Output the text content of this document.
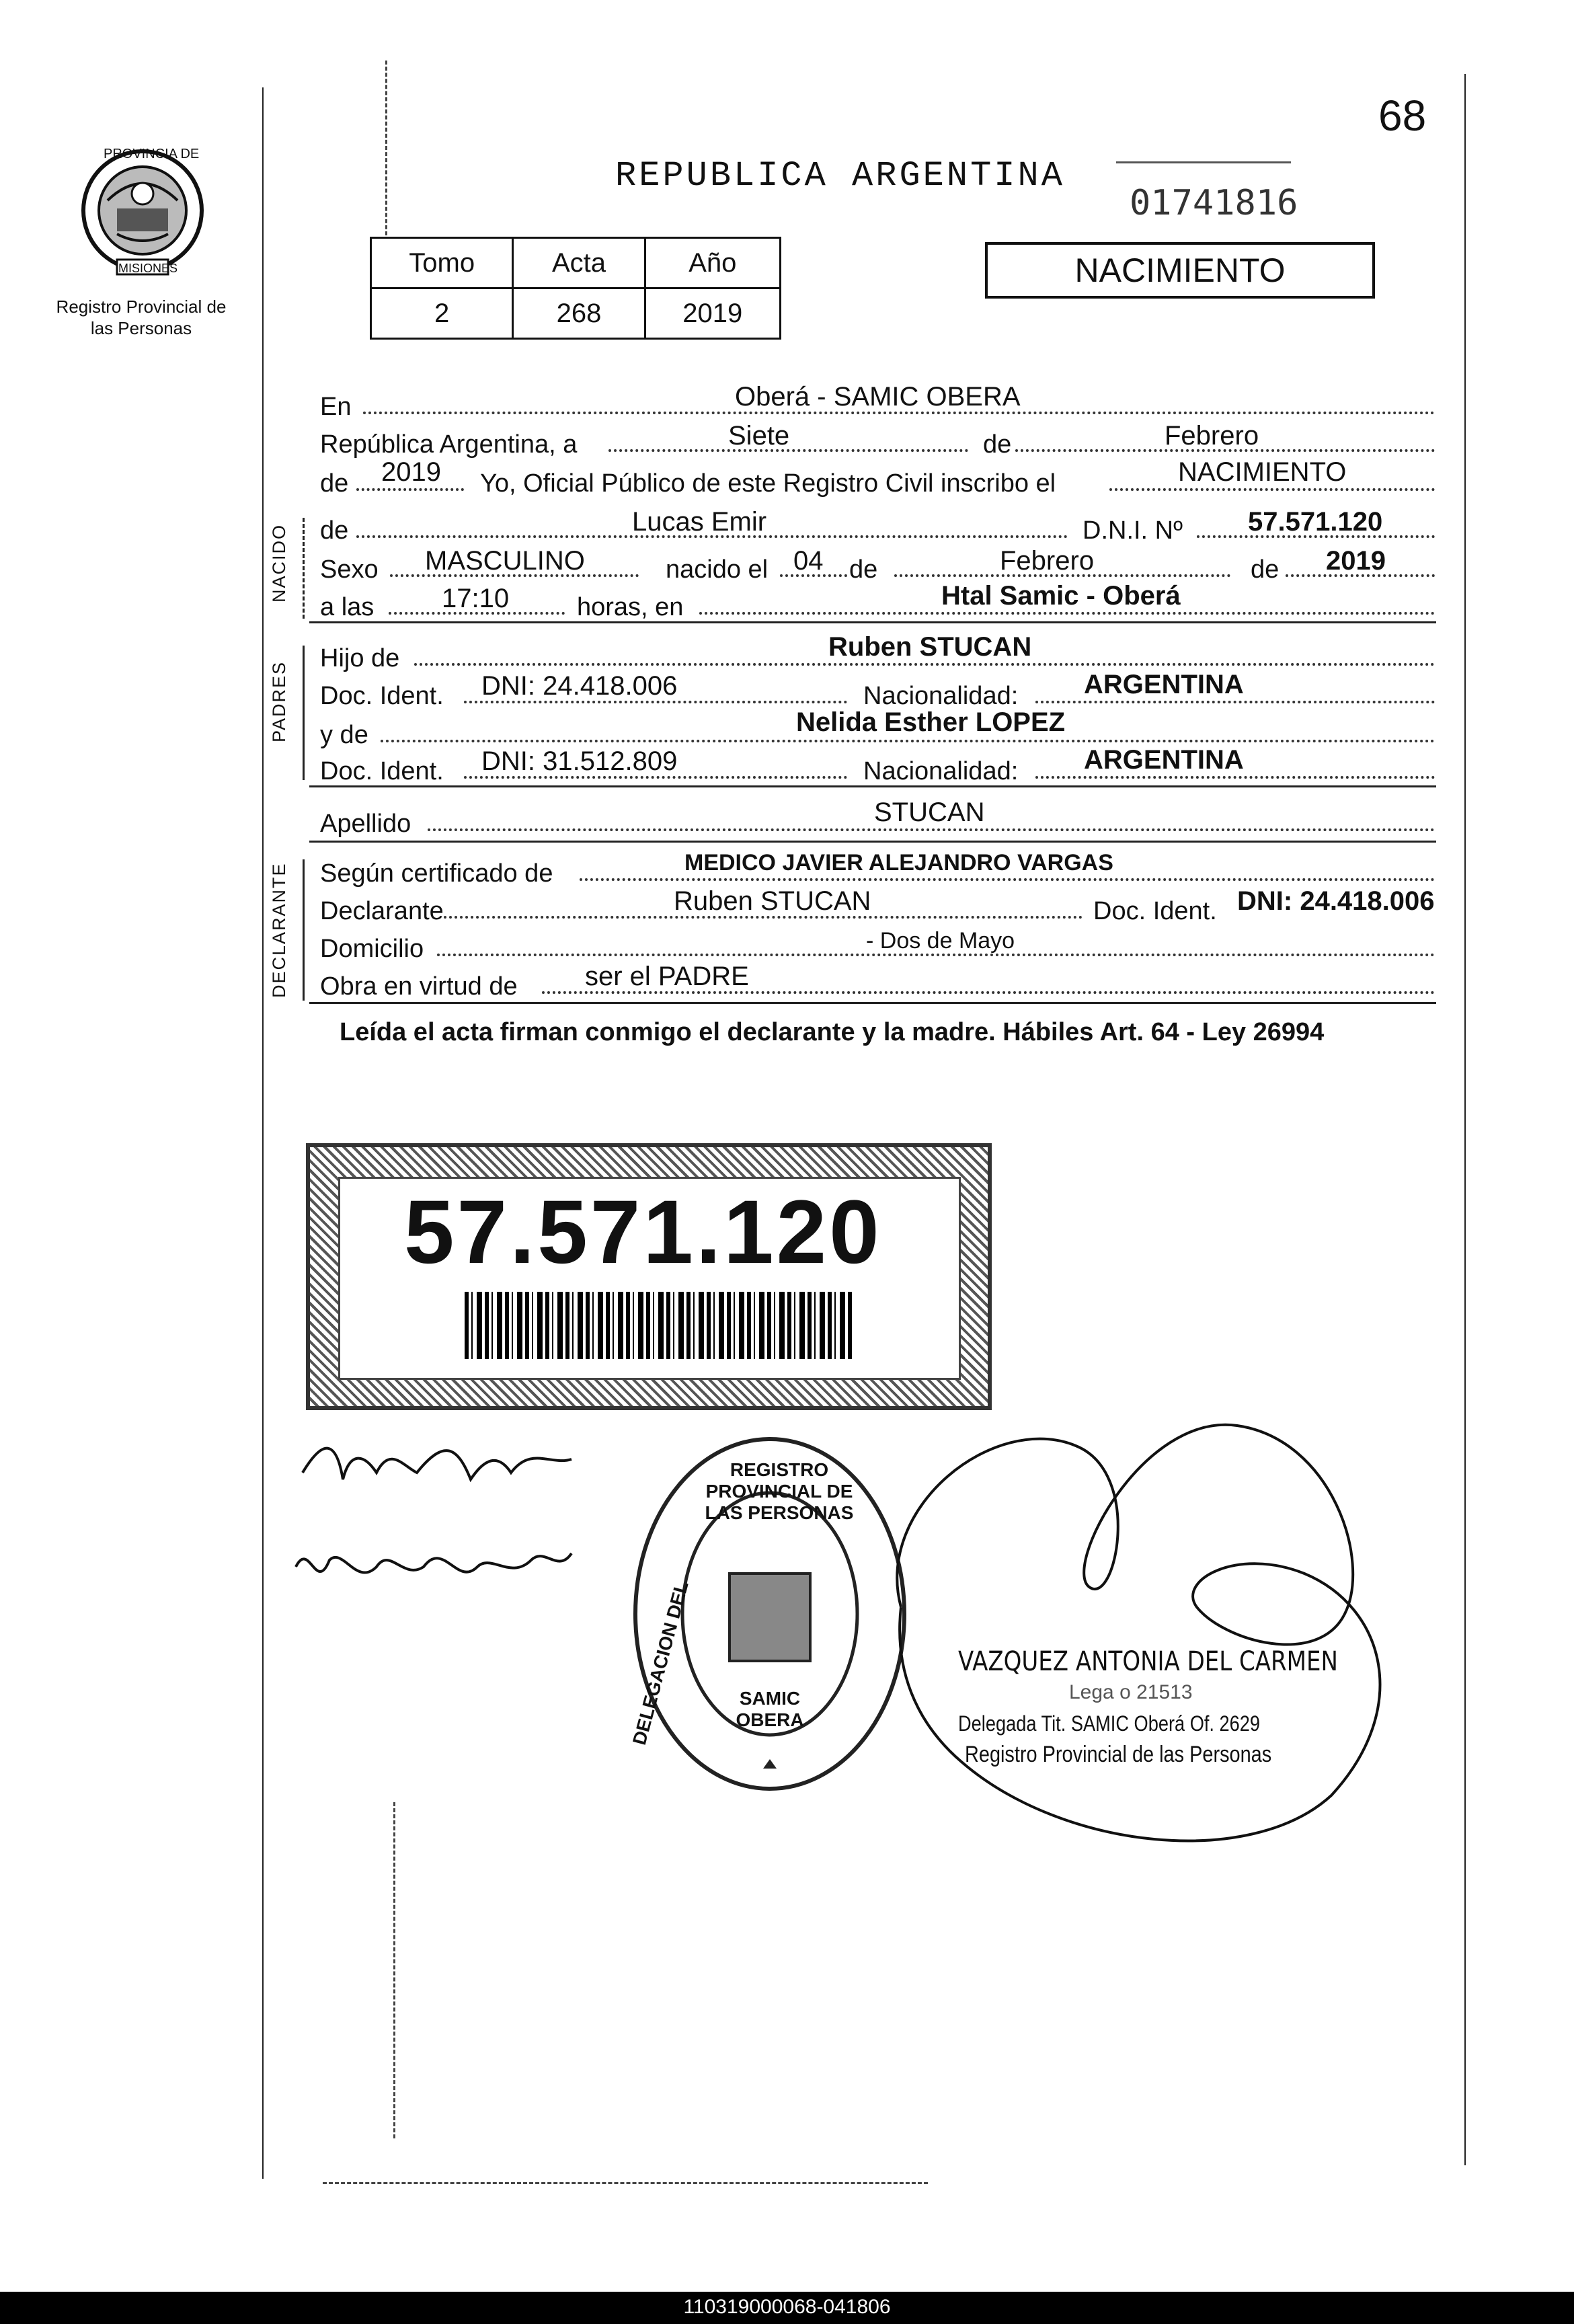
68
PROVINCIA DE
MISIONES
Registro Provincial de las Personas
REPUBLICA ARGENTINA
01741816
Tomo	Acta	Año
2	268	2019
NACIMIENTO
NACIDO
PADRES
DECLARANTE
En	Oberá - SAMIC OBERA
República Argentina, a	Siete	de	Febrero
de 2019 Yo, Oficial Público de este Registro Civil inscribo el	NACIMIENTO
de	Lucas Emir	D.N.I. Nº 57.571.120
Sexo MASCULINO	nacido el 04 de	Febrero	de 2019
a las	17:10	horas, en	Htal Samic - Oberá
Hijo de	Ruben STUCAN
Doc. Ident. DNI: 24.418.006	Nacionalidad: ARGENTINA
y de	Nelida Esther LOPEZ
Doc. Ident. DNI: 31.512.809	Nacionalidad: ARGENTINA
Apellido	STUCAN
Según certificado de	MEDICO JAVIER ALEJANDRO VARGAS
Declarante	Ruben STUCAN	Doc. Ident. DNI: 24.418.006
Domicilio	- Dos de Mayo
Obra en virtud de	ser el PADRE
Leída el acta firman conmigo el declarante y la madre. Hábiles Art. 64 - Ley 26994
57.571.120
REGISTRO PROVINCIAL DE LAS PERSONAS
DELEGACION DEL	SAMIC OBERA
VAZQUEZ ANTONIA DEL CARMEN
Lega o 21513
Delegada Tit. SAMIC Oberá Of. 2629
Registro Provincial de las Personas
110319000068-041806
